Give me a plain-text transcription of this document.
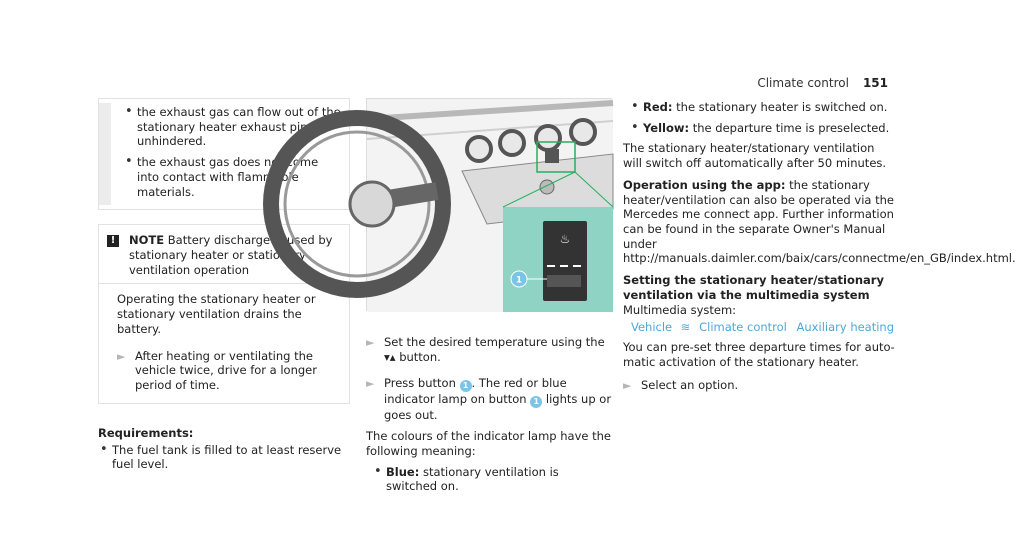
Climate control 151
• the exhaust gas can flow out of the stationary heater exhaust pipe unhindered.
• the exhaust gas does not come into contact with flammable materials.
!	NOTE Battery discharge caused by stationary heater or stationary ventilation operation
Operating the stationary heater or stationary ventilation drains the battery.
► After heating or ventilating the vehicle twice, drive for a longer period of time.
Requirements:
• The fuel tank is filled to at least reserve fuel level.
♨
1
► Set the desired temperature using the ▾▴ button.
► Press button 1 . The red or blue indicator lamp on button 1 lights up or goes out.
The colours of the indicator lamp have the following meaning:
• Blue: stationary ventilation is switched on.
• Red: the stationary heater is switched on.
• Yellow: the departure time is preselected.

The stationary heater/stationary ventilation will switch off automatically after 50 minutes.

Operation using the app: the stationary heater/ventilation can also be operated via the Mercedes me connect app. Further information can be found in the separate Owner's Manual under http://manuals.daimler.com/baix/cars/connectme/en_GB/index.html.

Setting the stationary heater/stationary ventilation via the multimedia system
Multimedia system:
Vehicle ≋ Climate control Auxiliary heating

You can pre-set three departure times for automatic activation of the stationary heater.

► Select an option.
